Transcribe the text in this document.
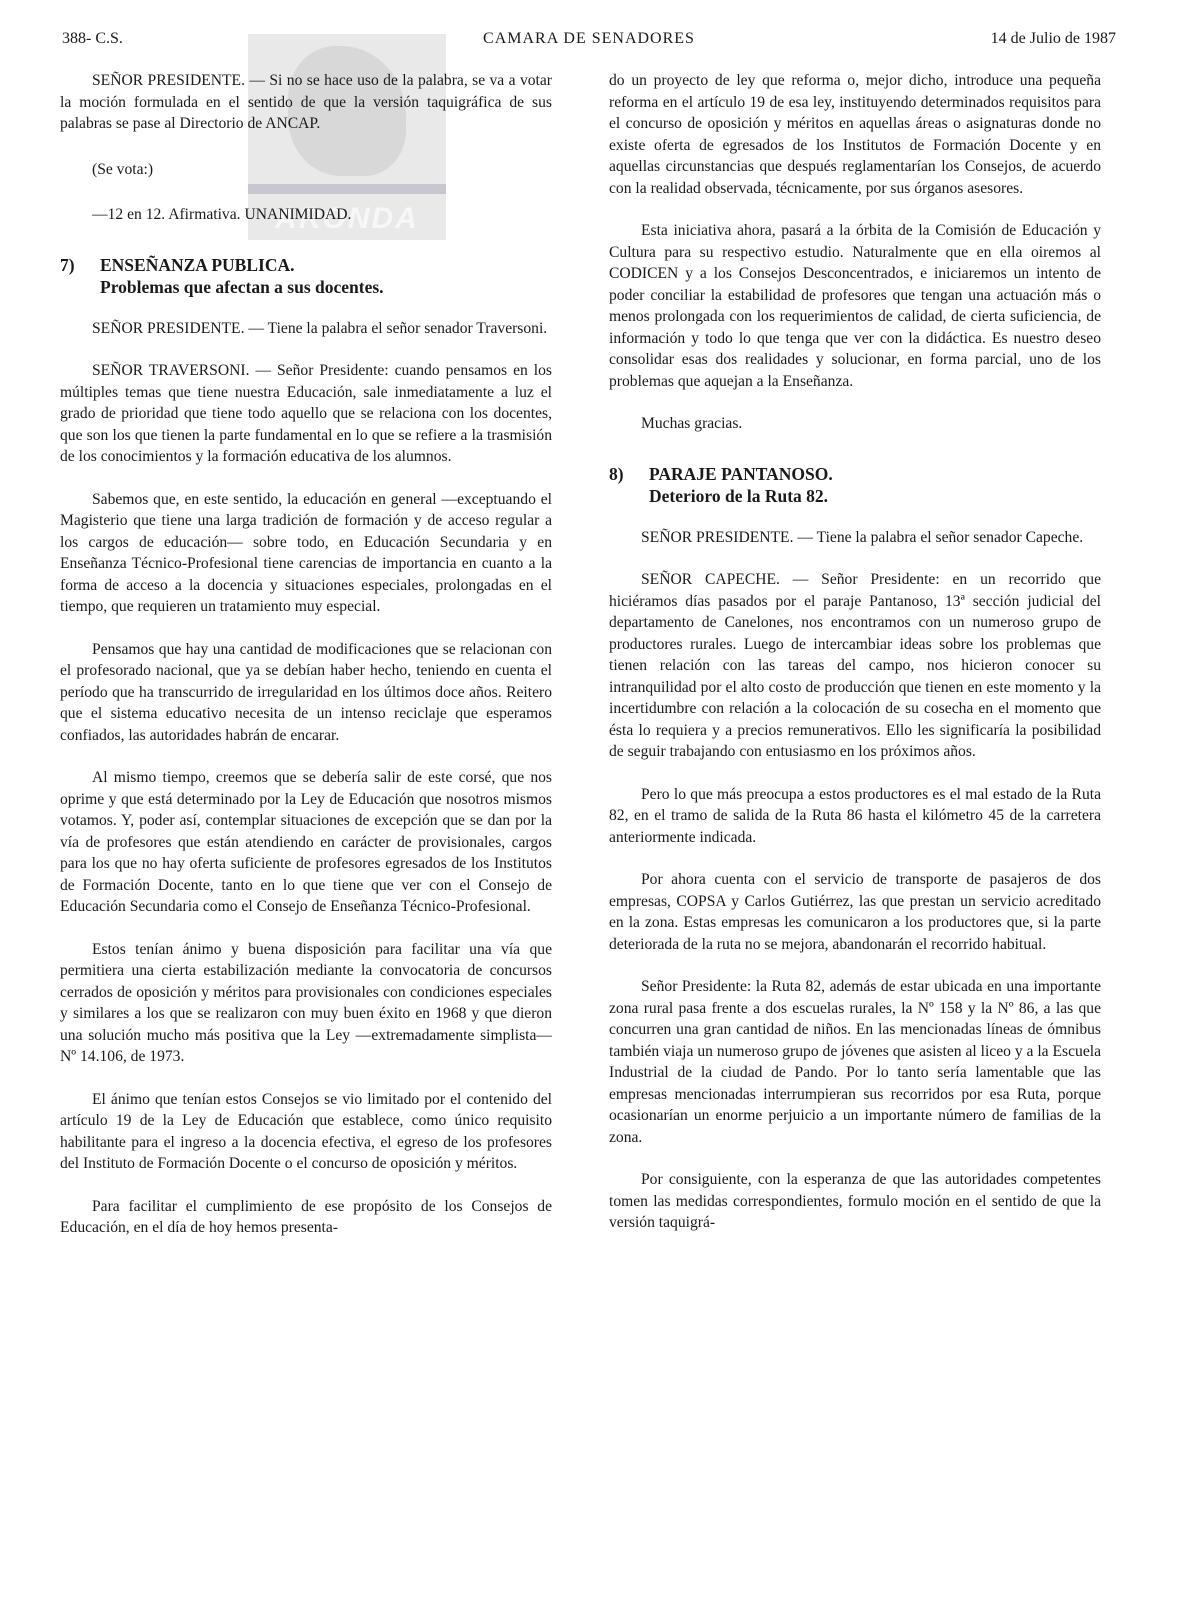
388- C.S.	CAMARA DE SENADORES	14 de Julio de 1987
ARONDA

SEÑOR PRESIDENTE. — Si no se hace uso de la palabra, se va a votar la moción formulada en el sentido de que la versión taquigráfica de sus palabras se pase al Directorio de ANCAP.

(Se vota:)

—12 en 12. Afirmativa. UNANIMIDAD.

7) ENSEÑANZA PUBLICA.
Problemas que afectan a sus docentes.

SEÑOR PRESIDENTE. — Tiene la palabra el señor senador Traversoni.

SEÑOR TRAVERSONI. — Señor Presidente: cuando pensamos en los múltiples temas que tiene nuestra Educación, sale inmediatamente a luz el grado de prioridad que tiene todo aquello que se relaciona con los docentes, que son los que tienen la parte fundamental en lo que se refiere a la trasmisión de los conocimientos y la formación educativa de los alumnos.

Sabemos que, en este sentido, la educación en general —exceptuando el Magisterio que tiene una larga tradición de formación y de acceso regular a los cargos de educación— sobre todo, en Educación Secundaria y en Enseñanza Técnico-Profesional tiene carencias de importancia en cuanto a la forma de acceso a la docencia y situaciones especiales, prolongadas en el tiempo, que requieren un tratamiento muy especial.

Pensamos que hay una cantidad de modificaciones que se relacionan con el profesorado nacional, que ya se debían haber hecho, teniendo en cuenta el período que ha transcurrido de irregularidad en los últimos doce años. Reitero que el sistema educativo necesita de un intenso reciclaje que esperamos confiados, las autoridades habrán de encarar.

Al mismo tiempo, creemos que se debería salir de este corsé, que nos oprime y que está determinado por la Ley de Educación que nosotros mismos votamos. Y, poder así, contemplar situaciones de excepción que se dan por la vía de profesores que están atendiendo en carácter de provisionales, cargos para los que no hay oferta suficiente de profesores egresados de los Institutos de Formación Docente, tanto en lo que tiene que ver con el Consejo de Educación Secundaria como el Consejo de Enseñanza Técnico-Profesional.

Estos tenían ánimo y buena disposición para facilitar una vía que permitiera una cierta estabilización mediante la convocatoria de concursos cerrados de oposición y méritos para provisionales con condiciones especiales y similares a los que se realizaron con muy buen éxito en 1968 y que dieron una solución mucho más positiva que la Ley —extremadamente simplista— Nº 14.106, de 1973.

El ánimo que tenían estos Consejos se vio limitado por el contenido del artículo 19 de la Ley de Educación que establece, como único requisito habilitante para el ingreso a la docencia efectiva, el egreso de los profesores del Instituto de Formación Docente o el concurso de oposición y méritos.

Para facilitar el cumplimiento de ese propósito de los Consejos de Educación, en el día de hoy hemos presenta-

do un proyecto de ley que reforma o, mejor dicho, introduce una pequeña reforma en el artículo 19 de esa ley, instituyendo determinados requisitos para el concurso de oposición y méritos en aquellas áreas o asignaturas donde no existe oferta de egresados de los Institutos de Formación Docente y en aquellas circunstancias que después reglamentarían los Consejos, de acuerdo con la realidad observada, técnicamente, por sus órganos asesores.

Esta iniciativa ahora, pasará a la órbita de la Comisión de Educación y Cultura para su respectivo estudio. Naturalmente que en ella oiremos al CODICEN y a los Consejos Desconcentrados, e iniciaremos un intento de poder conciliar la estabilidad de profesores que tengan una actuación más o menos prolongada con los requerimientos de calidad, de cierta suficiencia, de información y todo lo que tenga que ver con la didáctica. Es nuestro deseo consolidar esas dos realidades y solucionar, en forma parcial, uno de los problemas que aquejan a la Enseñanza.

Muchas gracias.

8) PARAJE PANTANOSO.
Deterioro de la Ruta 82.

SEÑOR PRESIDENTE. — Tiene la palabra el señor senador Capeche.

SEÑOR CAPECHE. — Señor Presidente: en un recorrido que hiciéramos días pasados por el paraje Pantanoso, 13ª sección judicial del departamento de Canelones, nos encontramos con un numeroso grupo de productores rurales. Luego de intercambiar ideas sobre los problemas que tienen relación con las tareas del campo, nos hicieron conocer su intranquilidad por el alto costo de producción que tienen en este momento y la incertidumbre con relación a la colocación de su cosecha en el momento que ésta lo requiera y a precios remunerativos. Ello les significaría la posibilidad de seguir trabajando con entusiasmo en los próximos años.

Pero lo que más preocupa a estos productores es el mal estado de la Ruta 82, en el tramo de salida de la Ruta 86 hasta el kilómetro 45 de la carretera anteriormente indicada.

Por ahora cuenta con el servicio de transporte de pasajeros de dos empresas, COPSA y Carlos Gutiérrez, las que prestan un servicio acreditado en la zona. Estas empresas les comunicaron a los productores que, si la parte deteriorada de la ruta no se mejora, abandonarán el recorrido habitual.

Señor Presidente: la Ruta 82, además de estar ubicada en una importante zona rural pasa frente a dos escuelas rurales, la Nº 158 y la Nº 86, a las que concurren una gran cantidad de niños. En las mencionadas líneas de ómnibus también viaja un numeroso grupo de jóvenes que asisten al liceo y a la Escuela Industrial de la ciudad de Pando. Por lo tanto sería lamentable que las empresas mencionadas interrumpieran sus recorridos por esa Ruta, porque ocasionarían un enorme perjuicio a un importante número de familias de la zona.

Por consiguiente, con la esperanza de que las autoridades competentes tomen las medidas correspondientes, formulo moción en el sentido de que la versión taquigrá-
